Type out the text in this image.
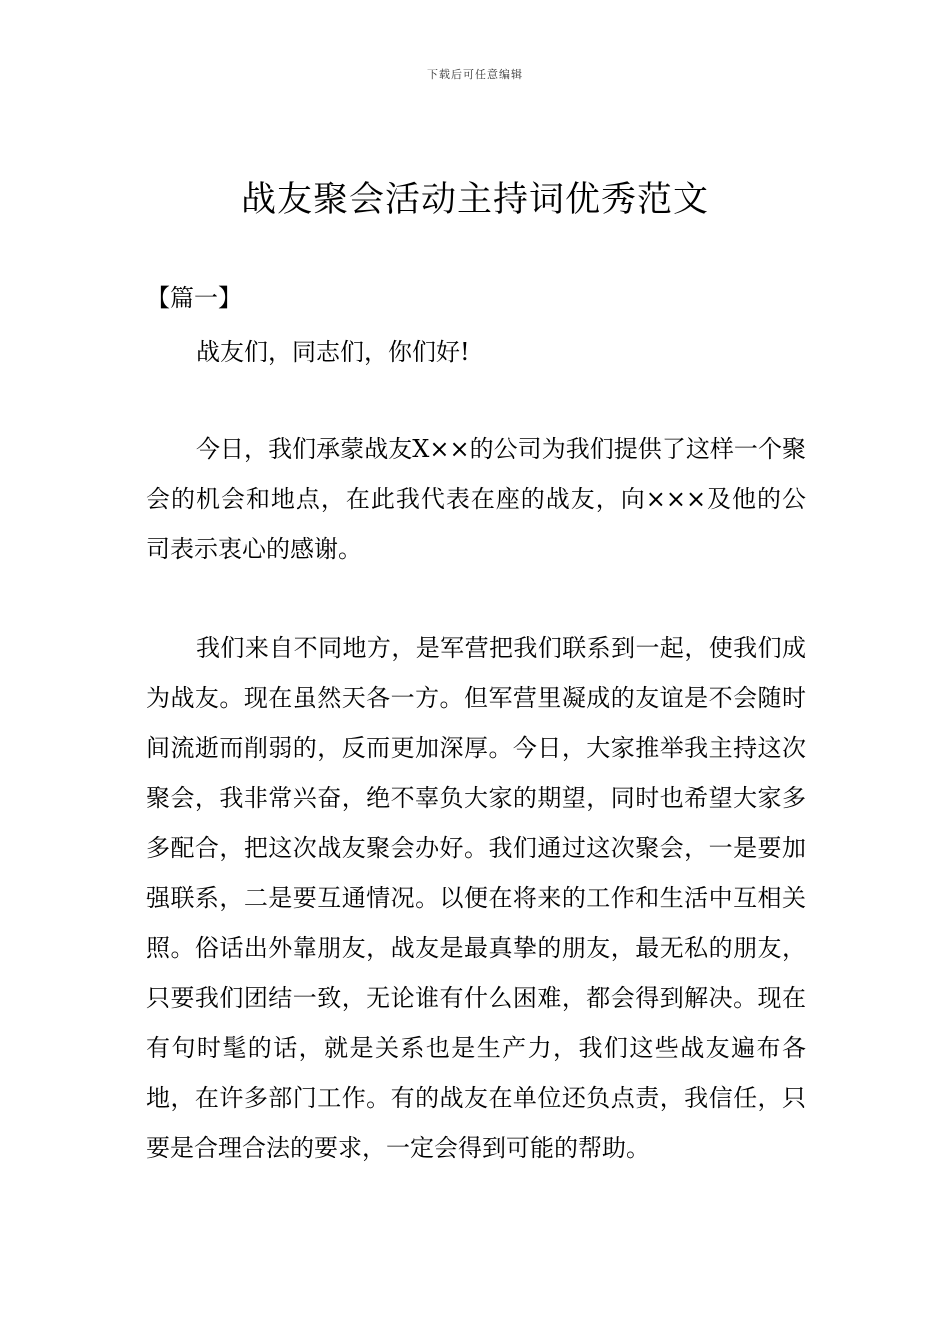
下载后可任意编辑
战友聚会活动主持词优秀范文
【篇一】

战友们，同志们，你们好!

今日，我们承蒙战友X××的公司为我们提供了这样一个聚会的机会和地点，在此我代表在座的战友，向×××及他的公司表示衷心的感谢。

我们来自不同地方，是军营把我们联系到一起，使我们成为战友。现在虽然天各一方。但军营里凝成的友谊是不会随时间流逝而削弱的，反而更加深厚。今日，大家推举我主持这次聚会，我非常兴奋，绝不辜负大家的期望，同时也希望大家多多配合，把这次战友聚会办好。我们通过这次聚会，一是要加强联系，二是要互通情况。以便在将来的工作和生活中互相关照。俗话出外靠朋友，战友是最真挚的朋友，最无私的朋友，只要我们团结一致，无论谁有什么困难，都会得到解决。现在有句时髦的话，就是关系也是生产力，我们这些战友遍布各地，在许多部门工作。有的战友在单位还负点责，我信任，只要是合理合法的要求，一定会得到可能的帮助。
